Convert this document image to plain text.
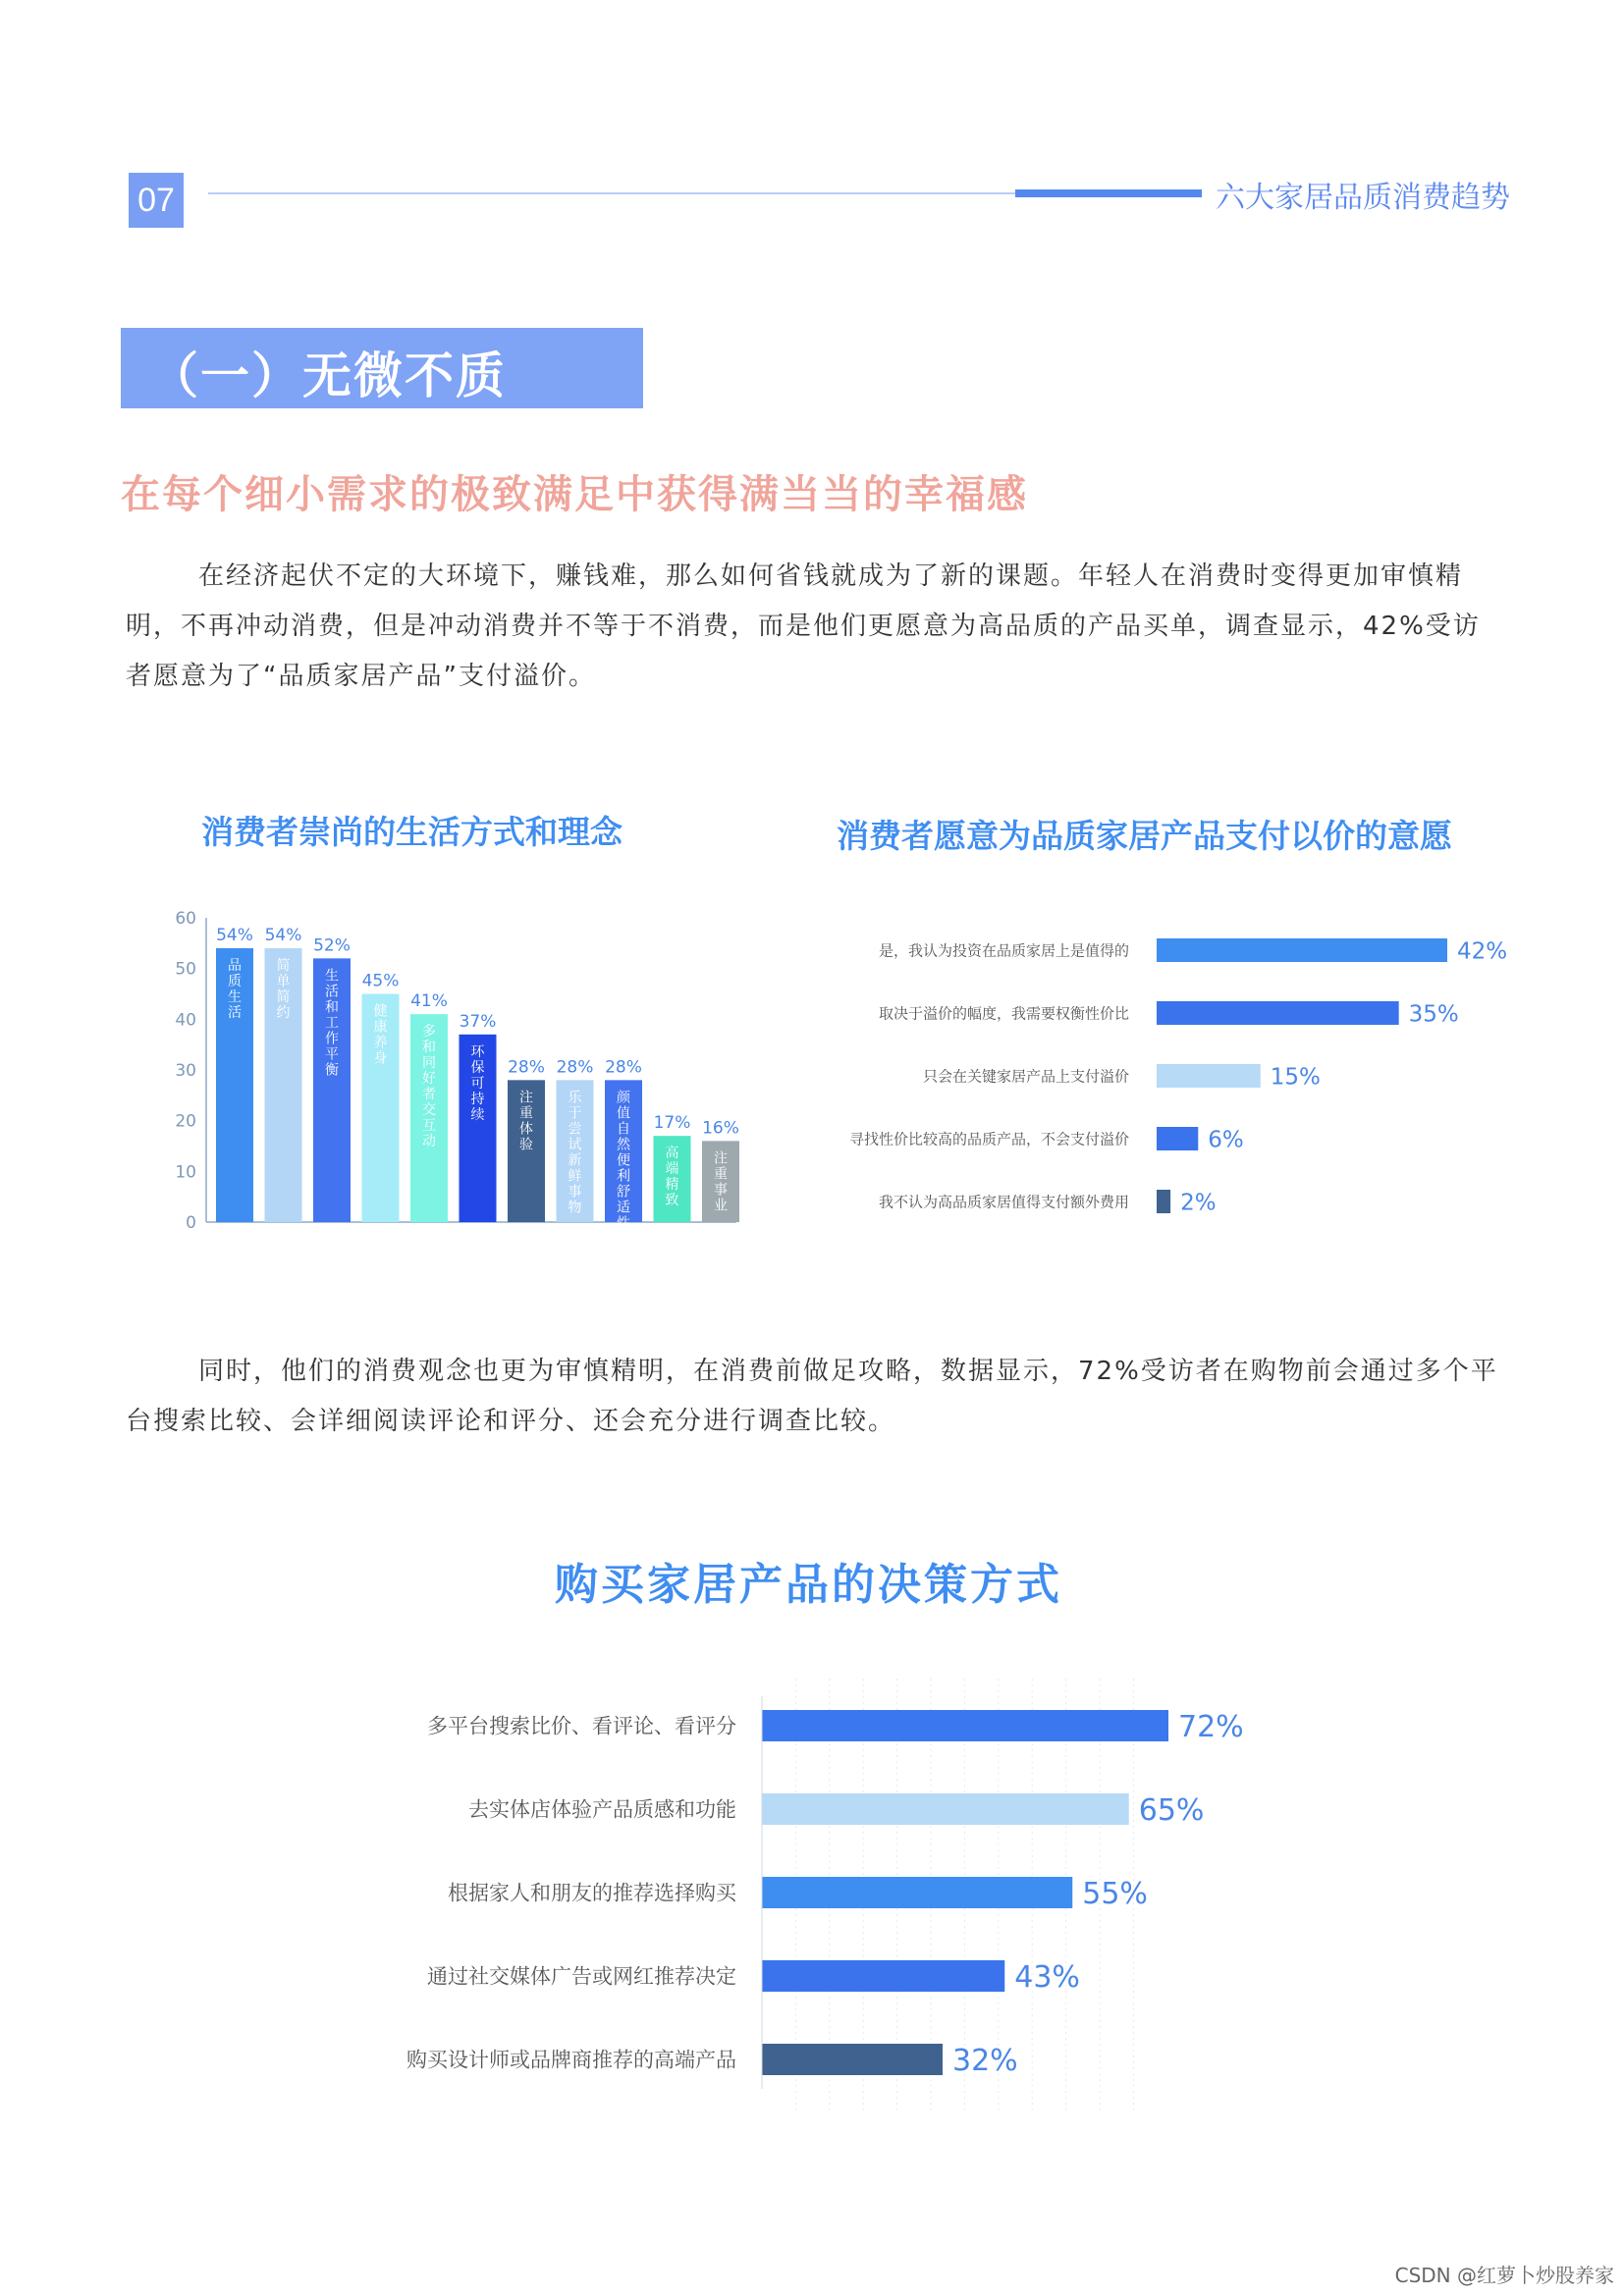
07	六大家居品质消费趋势
（一）无微不质
在每个细小需求的极致满足中获得满当当的幸福感
在经济起伏不定的大环境下，赚钱难，那么如何省钱就成为了新的课题。年轻人在消费时变得更加审慎精明，不再冲动消费，但是冲动消费并不等于不消费，而是他们更愿意为高品质的产品买单，调查显示，42%受访者愿意为了“品质家居产品”支付溢价。
消费者崇尚的生活方式和理念
0
10
20
30
40
50
60
54%
品质生活
54%
简单简约
52%
生活和工作平衡
45%
健康养身
41%
多和同好者交互动
37%
环保可持续
28%
注重体验
28%
乐于尝试新鲜事物
28%
颜值自然便利舒适性
17%
高端精致
16%
注重事业
消费者愿意为品质家居产品支付以价的意愿
是，我认为投资在品质家居上是值得的	42%
取决于溢价的幅度，我需要权衡性价比	35%
只会在关键家居产品上支付溢价	15%
寻找性价比较高的品质产品，不会支付溢价	6%
我不认为高品质家居值得支付额外费用 2%
同时，他们的消费观念也更为审慎精明，在消费前做足攻略，数据显示，72%受访者在购物前会通过多个平台搜索比较、会详细阅读评论和评分、还会充分进行调查比较。
购买家居产品的决策方式
多平台搜索比价、看评论、看评分	72%
去实体店体验产品质感和功能	65%
根据家人和朋友的推荐选择购买	55%
通过社交媒体广告或网红推荐决定	43%
购买设计师或品牌商推荐的高端产品	32%
CSDN @红萝卜炒股养家
